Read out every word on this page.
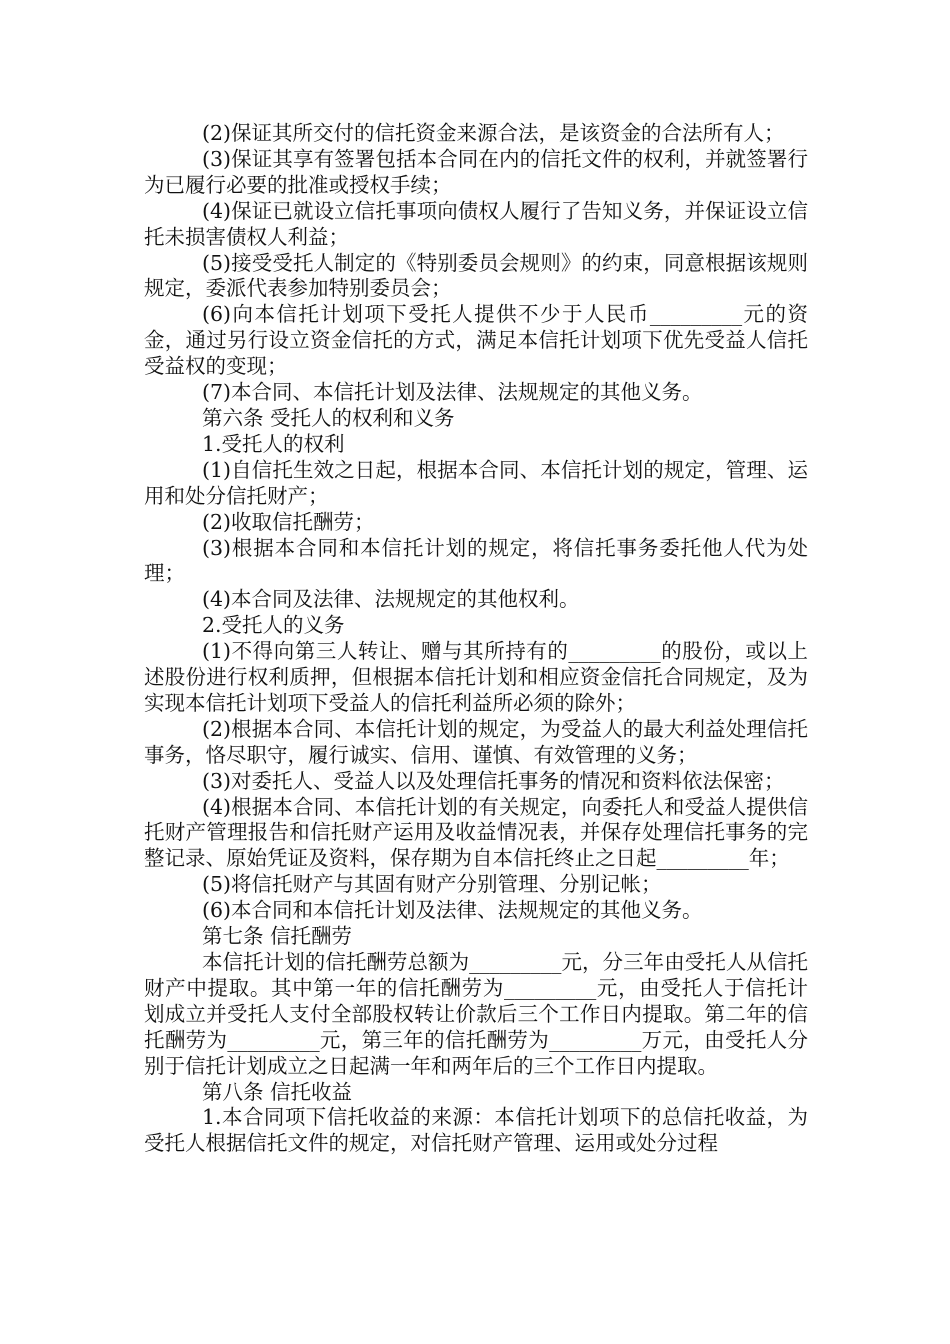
(2)保证其所交付的信托资金来源合法，是该资金的合法所有人；

(3)保证其享有签署包括本合同在内的信托文件的权利，并就签署行为已履行必要的批准或授权手续；

(4)保证已就设立信托事项向债权人履行了告知义务，并保证设立信托未损害债权人利益；

(5)接受受托人制定的《特别委员会规则》的约束，同意根据该规则规定，委派代表参加特别委员会；

(6)向本信托计划项下受托人提供不少于人民币_________元的资金，通过另行设立资金信托的方式，满足本信托计划项下优先受益人信托受益权的变现；

(7)本合同、本信托计划及法律、法规规定的其他义务。

第六条 受托人的权利和义务

1.受托人的权利

(1)自信托生效之日起，根据本合同、本信托计划的规定，管理、运用和处分信托财产；

(2)收取信托酬劳；

(3)根据本合同和本信托计划的规定，将信托事务委托他人代为处理；

(4)本合同及法律、法规规定的其他权利。

2.受托人的义务

(1)不得向第三人转让、赠与其所持有的_________的股份，或以上述股份进行权利质押，但根据本信托计划和相应资金信托合同规定，及为实现本信托计划项下受益人的信托利益所必须的除外；

(2)根据本合同、本信托计划的规定，为受益人的最大利益处理信托事务，恪尽职守，履行诚实、信用、谨慎、有效管理的义务；

(3)对委托人、受益人以及处理信托事务的情况和资料依法保密；

(4)根据本合同、本信托计划的有关规定，向委托人和受益人提供信托财产管理报告和信托财产运用及收益情况表，并保存处理信托事务的完整记录、原始凭证及资料，保存期为自本信托终止之日起_________年；

(5)将信托财产与其固有财产分别管理、分别记帐；

(6)本合同和本信托计划及法律、法规规定的其他义务。

第七条 信托酬劳

本信托计划的信托酬劳总额为_________元，分三年由受托人从信托财产中提取。其中第一年的信托酬劳为_________元，由受托人于信托计划成立并受托人支付全部股权转让价款后三个工作日内提取。第二年的信托酬劳为_________元，第三年的信托酬劳为_________万元，由受托人分别于信托计划成立之日起满一年和两年后的三个工作日内提取。

第八条 信托收益

1.本合同项下信托收益的来源：本信托计划项下的总信托收益，为受托人根据信托文件的规定，对信托财产管理、运用或处分过程
